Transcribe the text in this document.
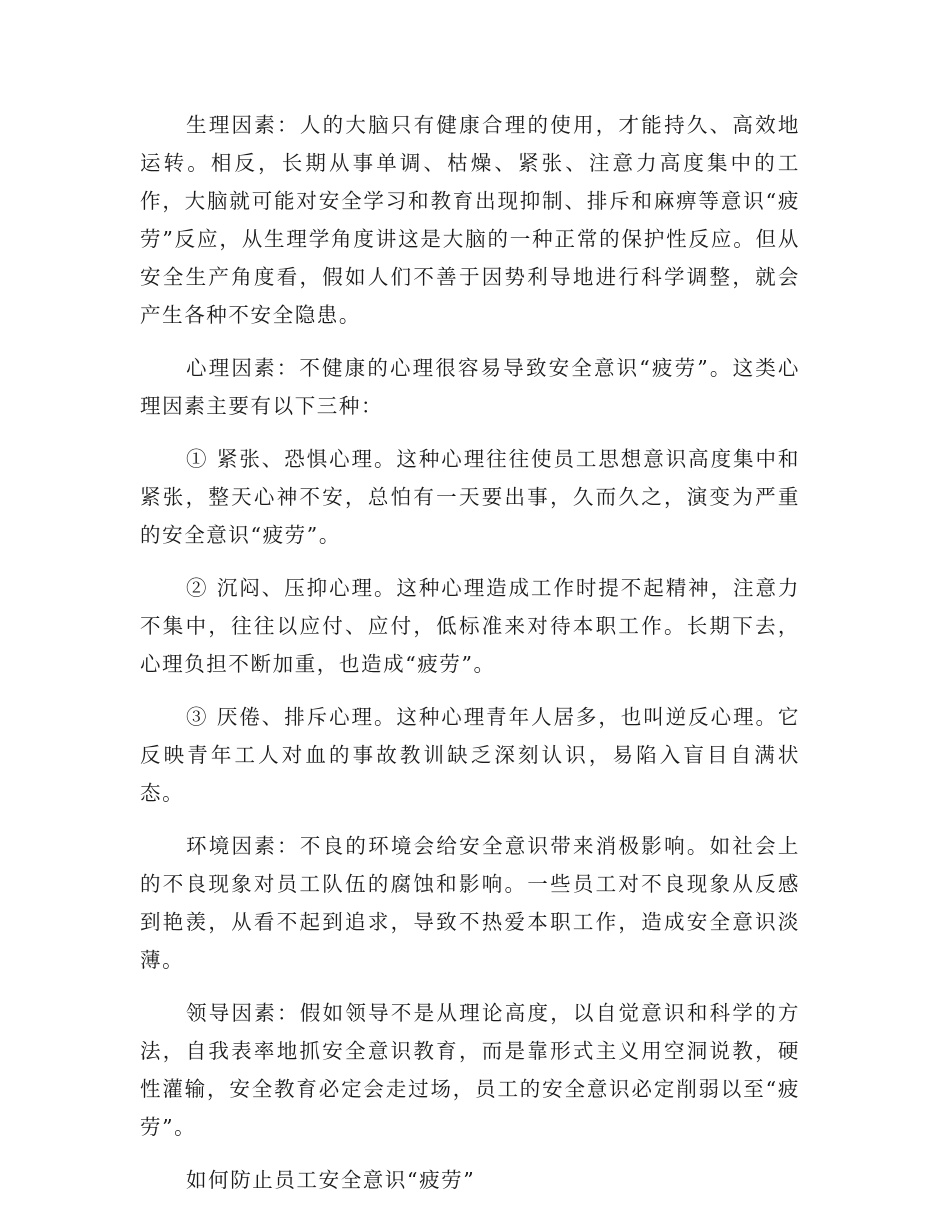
生理因素：人的大脑只有健康合理的使用，才能持久、高效地运转。相反，长期从事单调、枯燥、紧张、注意力高度集中的工作，大脑就可能对安全学习和教育出现抑制、排斥和麻痹等意识“疲劳”反应，从生理学角度讲这是大脑的一种正常的保护性反应。但从安全生产角度看，假如人们不善于因势利导地进行科学调整，就会产生各种不安全隐患。

心理因素：不健康的心理很容易导致安全意识“疲劳”。这类心理因素主要有以下三种：

① 紧张、恐惧心理。这种心理往往使员工思想意识高度集中和紧张，整天心神不安，总怕有一天要出事，久而久之，演变为严重的安全意识“疲劳”。

② 沉闷、压抑心理。这种心理造成工作时提不起精神，注意力不集中，往往以应付、应付，低标准来对待本职工作。长期下去，心理负担不断加重，也造成“疲劳”。

③ 厌倦、排斥心理。这种心理青年人居多，也叫逆反心理。它反映青年工人对血的事故教训缺乏深刻认识，易陷入盲目自满状态。

环境因素：不良的环境会给安全意识带来消极影响。如社会上的不良现象对员工队伍的腐蚀和影响。一些员工对不良现象从反感到艳羡，从看不起到追求，导致不热爱本职工作，造成安全意识淡薄。

领导因素：假如领导不是从理论高度，以自觉意识和科学的方法，自我表率地抓安全意识教育，而是靠形式主义用空洞说教，硬性灌输，安全教育必定会走过场，员工的安全意识必定削弱以至“疲劳”。

如何防止员工安全意识“疲劳”
